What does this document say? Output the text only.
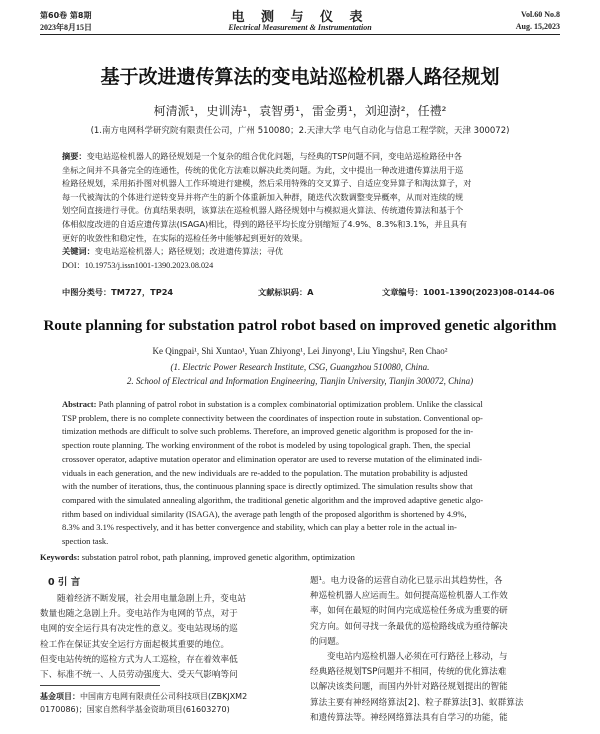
第60卷 第8期
2023年8月15日
电 测 与 仪 表
Electrical Measurement & Instrumentation
Vol.60 No.8
Aug. 15,2023
基于改进遗传算法的变电站巡检机器人路径规划
柯清派¹，史训涛¹，袁智勇¹，雷金勇¹，刘迎澍²，任禮²
(1.南方电网科学研究院有限责任公司，广州 510080；2.天津大学 电气自动化与信息工程学院，天津 300072)
摘要：变电站巡检机器人的路径规划是一个复杂的组合优化问题，与经典的TSP问题不同，变电站巡检路径中各
坐标之间并不具备完全的连通性，传统的优化方法难以解决此类问题。为此，文中提出一种改进遗传算法用于巡
检路径规划，采用拓扑图对机器人工作环境进行建模，然后采用特殊的交叉算子、自适应变异算子和淘汰算子，对
每一代被淘汰的个体进行逆转变异并将产生的新个体重新加入种群，随迭代次数调整变异概率，从而对连续的规
划空间直接进行寻优。仿真结果表明，该算法在巡检机器人路径规划中与模拟退火算法、传统遗传算法和基于个
体相似度改进的自适应遗传算法(ISAGA)相比，得到的路径平均长度分别缩短了4.9%、8.3%和3.1%，并且具有
更好的收敛性和稳定性，在实际的巡检任务中能够起到更好的效果。
关键词：变电站巡检机器人；路径规划；改进遗传算法；寻优
DOI：10.19753/j.issn1001-1390.2023.08.024
中图分类号：TM727，TP24	文献标识码：A	文章编号：1001-1390(2023)08-0144-06
Route planning for substation patrol robot based on improved genetic algorithm
Ke Qingpai¹, Shi Xuntao¹, Yuan Zhiyong¹, Lei Jinyong¹, Liu Yingshu², Ren Chao²
(1. Electric Power Research Institute, CSG, Guangzhou 510080, China.
2. School of Electrical and Information Engineering, Tianjin University, Tianjin 300072, China)
Abstract: Path planning of patrol robot in substation is a complex combinatorial optimization problem. Unlike the classical
TSP problem, there is no complete connectivity between the coordinates of inspection route in substation. Conventional op-
timization methods are difficult to solve such problems. Therefore, an improved genetic algorithm is proposed for the in-
spection route planning. The working environment of the robot is modeled by using topological graph. Then, the special
crossover operator, adaptive mutation operator and elimination operator are used to reverse mutation of the eliminated indi-
viduals in each generation, and the new individuals are re-added to the population. The mutation probability is adjusted
with the number of iterations, thus, the continuous planning space is directly optimized. The simulation results show that
compared with the simulated annealing algorithm, the traditional genetic algorithm and the improved adaptive genetic algo-
rithm based on individual similarity (ISAGA), the average path length of the proposed algorithm is shortened by 4.9%,
8.3% and 3.1% respectively, and it has better convergence and stability, which can play a better role in the actual in-
spection task.
Keywords: substation patrol robot, path planning, improved genetic algorithm, optimization
0 引 言
随着经济不断发展，社会用电量急剧上升，变电站
数量也随之急剧上升。变电站作为电网的节点，对于
电网的安全运行具有决定性的意义。变电站现场的巡
检工作在保证其安全运行方面起极其重要的地位。
但变电站传统的巡检方式为人工巡检，存在着效率低
下、标准不统一、人员劳动强度大、受天气影响等问
基金项目：中国南方电网有限责任公司科技项目(ZBKJXM2
0170086)；国家自然科学基金资助项目(61603270)
题¹。电力设备的运营自动化已显示出其趋势性，各
种巡检机器人应运而生。如何提高巡检机器人工作效
率，如何在最短的时间内完成巡检任务成为重要的研
究方向。如何寻找一条最优的巡检路线成为亟待解决
的问题。
变电站内巡检机器人必须在可行路径上移动，与
经典路径规划TSP问题并不相同，传统的优化算法难
以解决该类问题，而国内外针对路径规划提出的智能
算法主要有神经网络算法[2]、粒子群算法[3]、蚁群算法
和遗传算法等。神经网络算法具有自学习的功能，能
